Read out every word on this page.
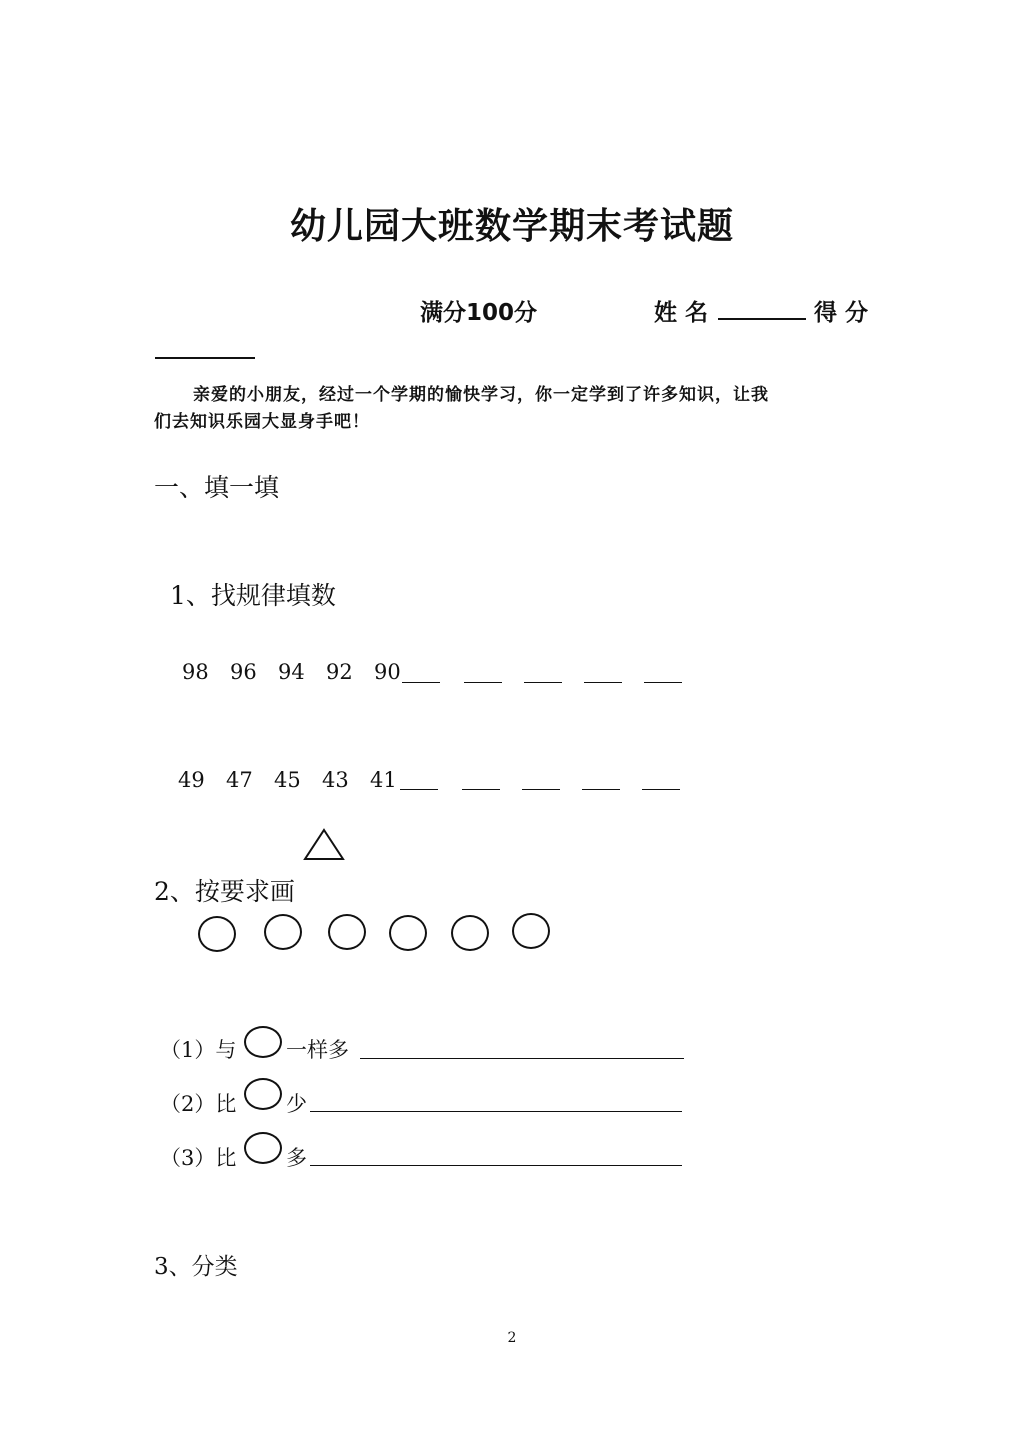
幼儿园大班数学期末考试题
满分100分	姓名	得分
亲爱的小朋友，经过一个学期的愉快学习，你一定学到了许多知识，让我
们去知识乐园大显身手吧！
一、填一填
1、找规律填数
98 96 94 92 90
49 47 45 43 41
2、按要求画
（1）与 一样多
（2）比 少
（3）比 多
3、分类
2
